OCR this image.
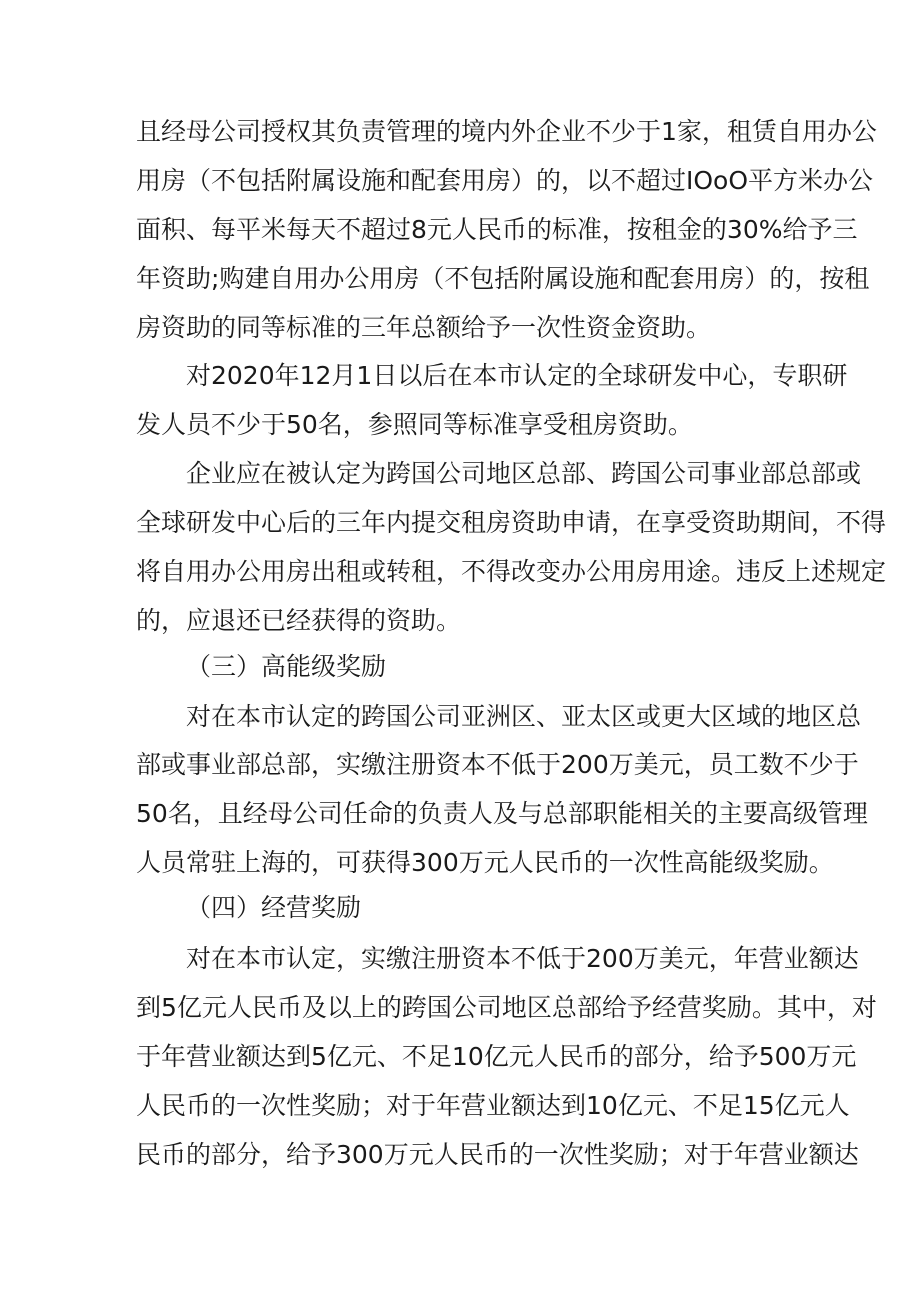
且经母公司授权其负责管理的境内外企业不少于1家，租赁自用办公
用房（不包括附属设施和配套用房）的，以不超过IOoO平方米办公
面积、每平米每天不超过8元人民币的标准，按租金的30%给予三
年资助;购建自用办公用房（不包括附属设施和配套用房）的，按租
房资助的同等标准的三年总额给予一次性资金资助。
对2020年12月1日以后在本市认定的全球研发中心，专职研
发人员不少于50名，参照同等标准享受租房资助。
企业应在被认定为跨国公司地区总部、跨国公司事业部总部或
全球研发中心后的三年内提交租房资助申请，在享受资助期间，不得
将自用办公用房出租或转租，不得改变办公用房用途。违反上述规定
的，应退还已经获得的资助。
（三）高能级奖励
对在本市认定的跨国公司亚洲区、亚太区或更大区域的地区总
部或事业部总部，实缴注册资本不低于200万美元，员工数不少于
50名，且经母公司任命的负责人及与总部职能相关的主要高级管理
人员常驻上海的，可获得300万元人民币的一次性高能级奖励。
（四）经营奖励
对在本市认定，实缴注册资本不低于200万美元，年营业额达
到5亿元人民币及以上的跨国公司地区总部给予经营奖励。其中，对
于年营业额达到5亿元、不足10亿元人民币的部分，给予500万元
人民币的一次性奖励；对于年营业额达到10亿元、不足15亿元人
民币的部分，给予300万元人民币的一次性奖励；对于年营业额达
